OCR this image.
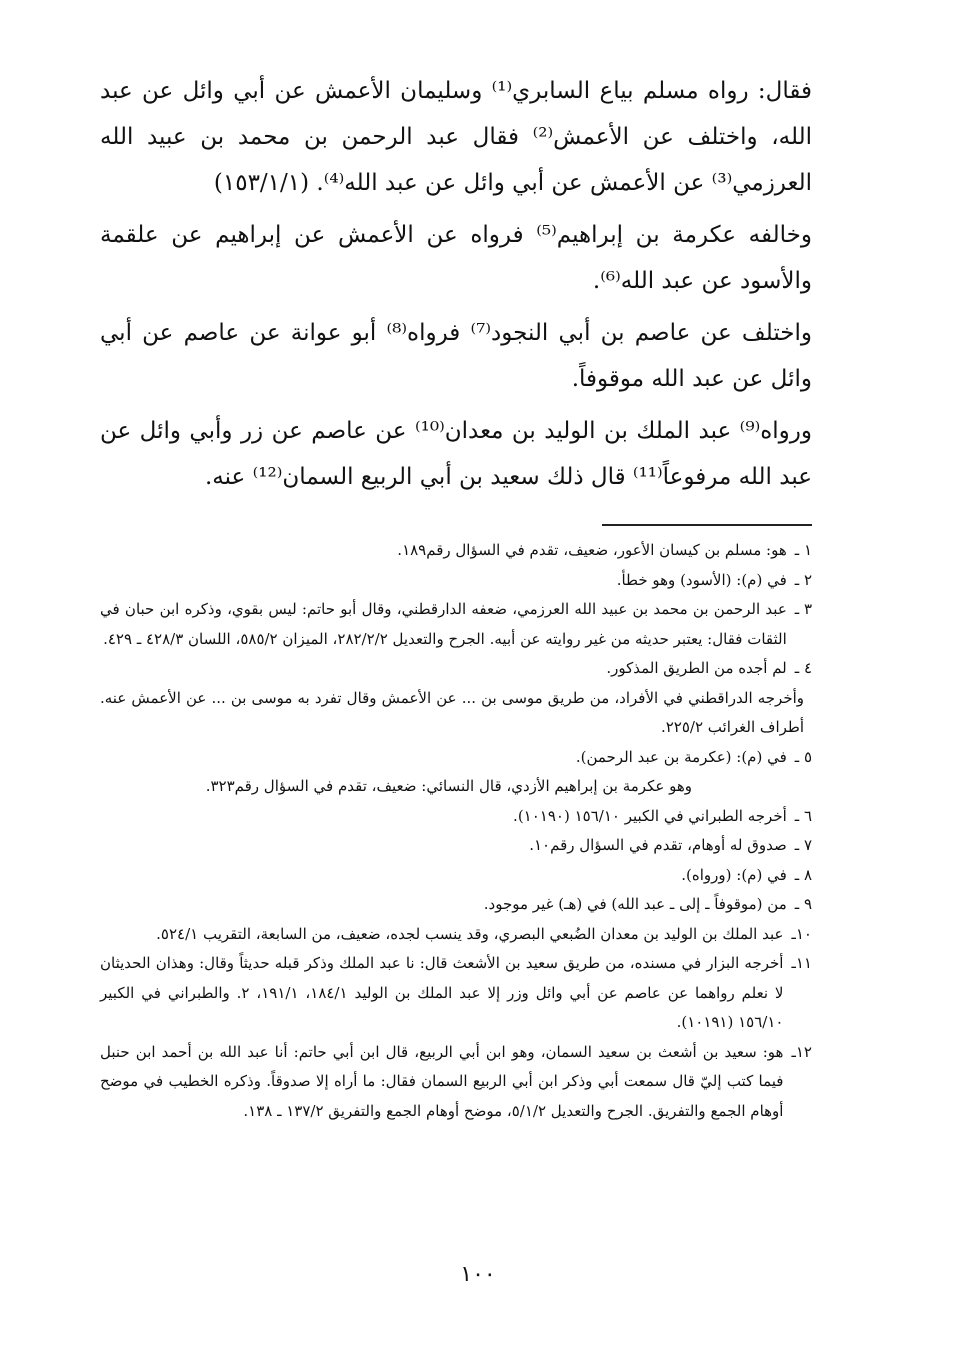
فقال: رواه مسلم بياع السابري⁽¹⁾ وسليمان الأعمش عن أبي وائل عن عبد الله، واختلف عن الأعمش⁽²⁾ فقال عبد الرحمن بن محمد بن عبيد الله العرزمي⁽³⁾ عن الأعمش عن أبي وائل عن عبد الله⁽⁴⁾. (١٥٣/١/١)

وخالفه عكرمة بن إبراهيم⁽⁵⁾ فرواه عن الأعمش عن إبراهيم عن علقمة والأسود عن عبد الله⁽⁶⁾.

واختلف عن عاصم بن أبي النجود⁽⁷⁾ فرواه⁽⁸⁾ أبو عوانة عن عاصم عن أبي وائل عن عبد الله موقوفاً.

ورواه⁽⁹⁾ عبد الملك بن الوليد بن معدان⁽¹⁰⁾ عن عاصم عن زر وأبي وائل عن عبد الله مرفوعاً⁽¹¹⁾ قال ذلك سعيد بن أبي الربيع السمان⁽¹²⁾ عنه.

١ ـ
هو: مسلم بن كيسان الأعور، ضعيف، تقدم في السؤال رقم١٨٩.
٢ ـ
في (م): (الأسود) وهو خطأ.
٣ ـ
عبد الرحمن بن محمد بن عبيد الله العرزمي، ضعفه الدارقطني، وقال أبو حاتم: ليس بقوي، وذكره ابن حبان في الثقات فقال: يعتبر حديثه من غير روايته عن أبيه. الجرح والتعديل ٢٨٢/٢/٢، الميزان ٥٨٥/٢، اللسان ٤٢٨/٣ ـ ٤٢٩.
٤ ـ
لم أجده من الطريق المذكور.
وأخرجه الدراقطني في الأفراد، من طريق موسى بن ... عن الأعمش وقال تفرد به موسى بن ... عن الأعمش عنه. أطراف الغرائب ٢٢٥/٢.
٥ ـ
في (م): (عكرمة بن عبد الرحمن).
وهو عكرمة بن إبراهيم الأزدي، قال النسائي: ضعيف، تقدم في السؤال رقم٣٢٣.
٦ ـ
أخرجه الطبراني في الكبير ١٥٦/١٠ (١٠١٩٠).
٧ ـ
صدوق له أوهام، تقدم في السؤال رقم١٠.
٨ ـ
في (م): (ورواه).
٩ ـ
من (موقوفاً ـ إلى ـ عبد الله) في (هـ) غير موجود.
١٠ـ
عبد الملك بن الوليد بن معدان الضُبعي البصري، وقد ينسب لجده، ضعيف، من السابعة، التقريب ٥٢٤/١.
١١ـ
أخرجه البزار في مسنده، من طريق سعيد بن الأشعث قال: نا عبد الملك وذكر قبله حديثاً وقال: وهذان الحديثان لا نعلم رواهما عن عاصم عن أبي وائل وزر إلا عبد الملك بن الوليد ١٨٤/١، ١٩١/١، ٢. والطبراني في الكبير ١٥٦/١٠ (١٠١٩١).
١٢ـ
هو: سعيد بن أشعث بن سعيد السمان، وهو ابن أبي الربيع، قال ابن أبي حاتم: أنا عبد الله بن أحمد ابن حنبل فيما كتب إليّ قال سمعت أبي وذكر ابن أبي الربيع السمان فقال: ما أراه إلا صدوقاً. وذكره الخطيب في موضح أوهام الجمع والتفريق. الجرح والتعديل ٥/١/٢، موضح أوهام الجمع والتفريق ١٣٧/٢ ـ ١٣٨.
١٠٠
